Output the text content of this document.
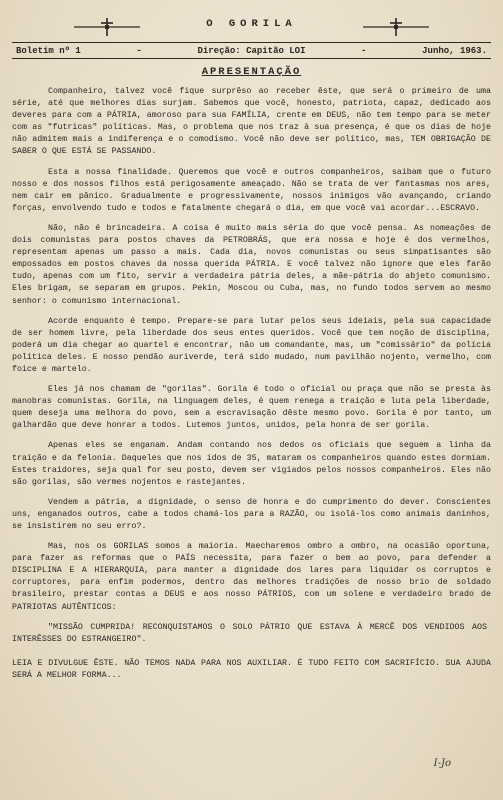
O GORILA
Boletim nº 1	-	Direção: Capitão LOI	-	Junho, 1963.
APRESENTAÇÃO

Companheiro, talvez você fique surprêso ao receber êste, que será o primeiro de uma série, até que melhores dias surjam. Sabemos que você, honesto, patriota, capaz, dedicado aos deveres para com a PÁTRIA, amoroso para sua FAMÍLIA, crente em DEUS, não tem tempo para se meter com as "futricas" políticas. Mas, o problema que nos traz à sua presença, é que os dias de hoje não admitem mais a indiferença e o comodismo. Você não deve ser político, mas, TEM OBRIGAÇÃO DE SABER O QUE ESTÁ SE PASSANDO.

Esta a nossa finalidade. Queremos que você e outros companheiros, saibam que o futuro nosso e dos nossos filhos está perigosamente ameaçado. Não se trata de ver fantasmas nos ares, nem cair em pânico. Gradualmente e progressivamente, nossos inimigos vão avançando, criando forças, envolvendo tudo e todos e fatalmente chegará o dia, em que você vai acordar...ESCRAVO.

Não, não é brincadeira. A coisa é muito mais séria do que você pensa. As nomeações de dois comunistas para postos chaves da PETROBRÁS, que era nossa e hoje é dos vermelhos, representam apenas um passo a mais. Cada dia, novos comunistas ou seus simpatisantes são empossados em postos chaves da nossa querida PÁTRIA. E você talvez não ignore que eles farão tudo, apenas com um fito, servir a verdadeira pátria deles, a mãe-pátria do abjeto comunismo. Eles brigam, se separam em grupos. Pekin, Moscou ou Cuba, mas, no fundo todos servem ao mesmo senhor: o comunismo internacional.

Acorde enquanto é tempo. Prepare-se para lutar pelos seus ideiais, pela sua capacidade de ser homem livre, pela liberdade dos seus entes queridos. Você que tem noção de disciplina, poderá um dia chegar ao quartel e encontrar, não um comandante, mas, um "comissário" da polícia política deles. E nosso pendão auriverde, terá sido mudado, num pavilhão nojento, vermelho, com foice e martelo.

Eles já nos chamam de "gorilas". Gorila é todo o oficial ou praça que não se presta às manobras comunistas. Gorila, na linguagem deles, é quem renega a traição e luta pela liberdade, quem deseja uma melhora do povo, sem a escravisação dêste mesmo povo. Gorila é por tanto, um galhardão que deve honrar a todos. Lutemos juntos, unidos, pela honra de ser gorila.

Apenas eles se enganam. Andam contando nos dedos os oficiais que seguem a linha da traição e da felonia. Daqueles que nos idos de 35, mataram os companheiros quando estes dormiam. Estes traidores, seja qual for seu posto, devem ser vigiados pelos nossos companheiros. Eles não são gorilas, são vermes nojentos e rastejantes.

Vendem a pátria, a dignidade, o senso de honra e do cumprimento do dever. Conscientes uns, enganados outros, cabe a todos chamá-los para a RAZÃO, ou isolá-los como animais daninhos, se insistirem no seu erro?.

Mas, nos os GORILAS somos a maioria. Maecharemos ombro a ombro, na ocasião oportuna, para fazer as reformas que o PAÍS necessita, para fazer o bem ao povo, para defender a DISCIPLINA E A HIERARQUIA, para manter a dignidade dos lares para liquidar os corruptos e corruptores, para enfim podermos, dentro das melhores tradições de nosso brio de soldado brasileiro, prestar contas a DEUS e aos nosso PÁTRIOS, com um solene e verdadeiro brado de PATRIOTAS AUTÊNTICOS:

"MISSÃO CUMPRIDA! RECONQUISTAMOS O SOLO PÁTRIO QUE ESTAVA À MERCÊ DOS VENDIDOS AOS INTERÊSSES DO ESTRANGEIRO".

I-Jo
LEIA E DIVULGUE ÊSTE. NÃO TEMOS NADA PARA NOS AUXILIAR. É TUDO FEITO COM SACRIFÍCIO. SUA AJUDA SERÁ A MELHOR FORMA...
